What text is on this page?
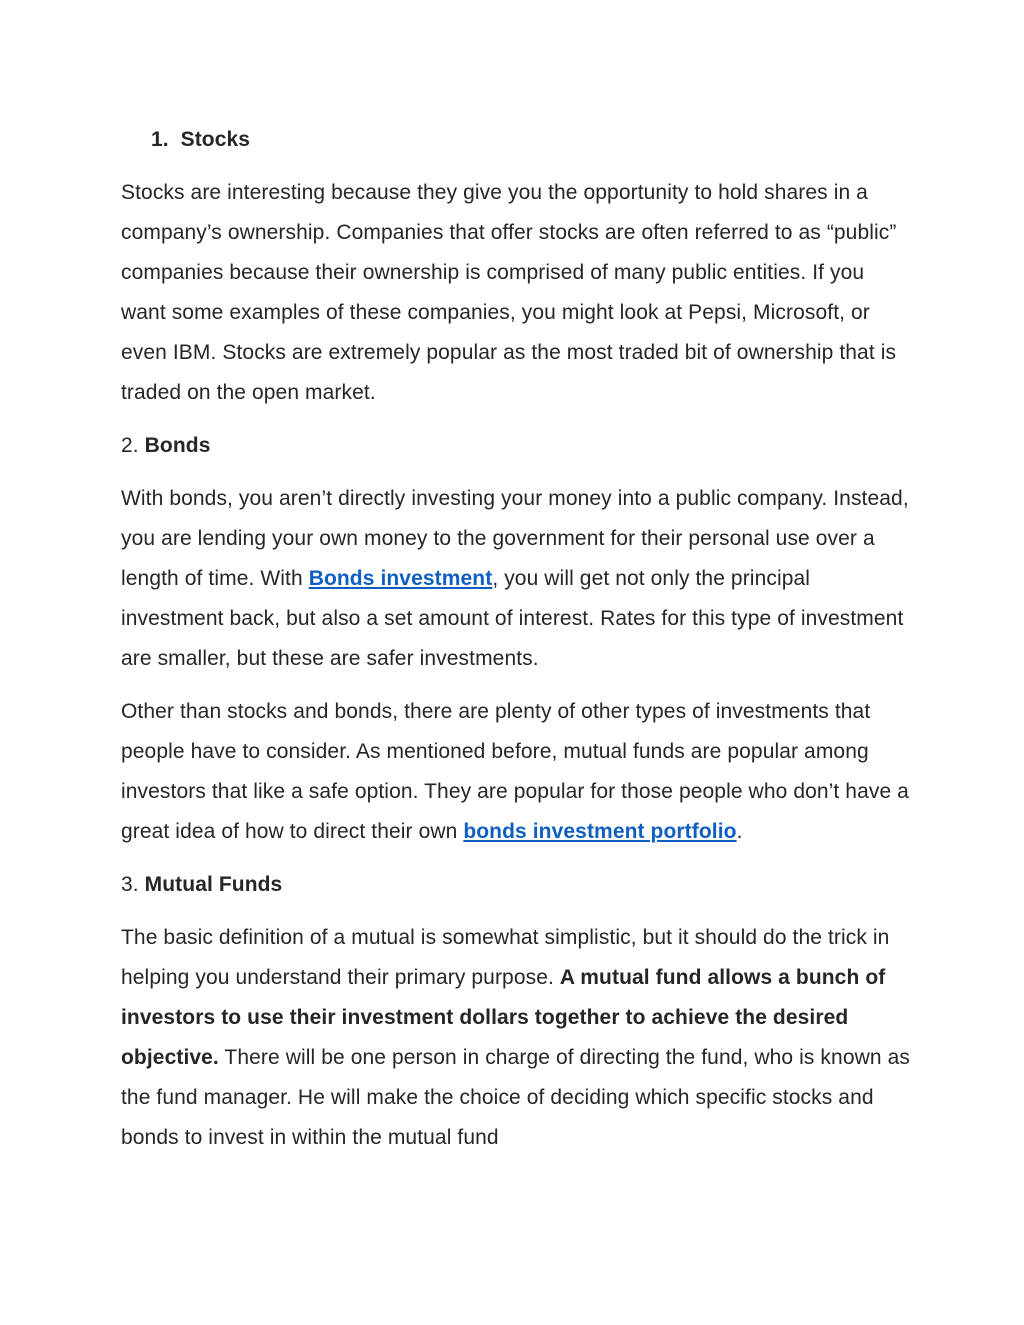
1. Stocks

Stocks are interesting because they give you the opportunity to hold shares in a company’s ownership. Companies that offer stocks are often referred to as “public” companies because their ownership is comprised of many public entities. If you want some examples of these companies, you might look at Pepsi, Microsoft, or even IBM. Stocks are extremely popular as the most traded bit of ownership that is traded on the open market.

2. Bonds

With bonds, you aren’t directly investing your money into a public company. Instead, you are lending your own money to the government for their personal use over a length of time. With Bonds investment, you will get not only the principal investment back, but also a set amount of interest. Rates for this type of investment are smaller, but these are safer investments.

Other than stocks and bonds, there are plenty of other types of investments that people have to consider. As mentioned before, mutual funds are popular among investors that like a safe option. They are popular for those people who don’t have a great idea of how to direct their own bonds investment portfolio.

3. Mutual Funds

The basic definition of a mutual is somewhat simplistic, but it should do the trick in helping you understand their primary purpose. A mutual fund allows a bunch of investors to use their investment dollars together to achieve the desired objective. There will be one person in charge of directing the fund, who is known as the fund manager. He will make the choice of deciding which specific stocks and bonds to invest in within the mutual fund
